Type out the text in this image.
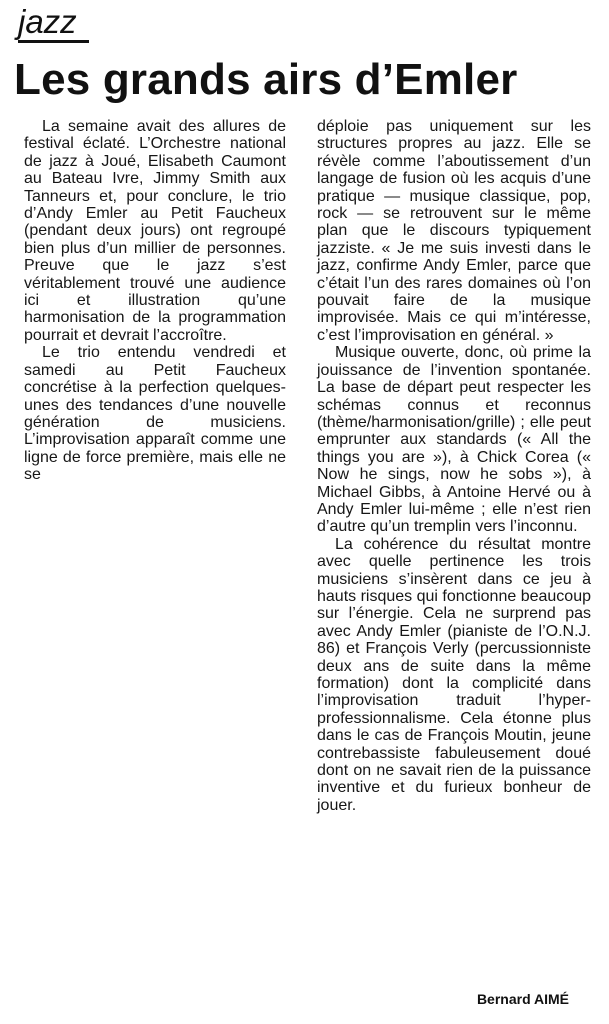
jazz
Les grands airs d’Emler

La semaine avait des allures de festival éclaté. L’Orchestre national de jazz à Joué, Elisabeth Caumont au Bateau Ivre, Jimmy Smith aux Tanneurs et, pour conclure, le trio d’Andy Emler au Petit Faucheux (pendant deux jours) ont regroupé bien plus d’un millier de personnes. Preuve que le jazz s’est véritablement trouvé une audience ici et illustration qu’une harmonisation de la programmation pourrait et devrait l’accroître.

Le trio entendu vendredi et samedi au Petit Faucheux concrétise à la perfection quelques-unes des tendances d’une nouvelle génération de musiciens. L’improvisation apparaît comme une ligne de force première, mais elle ne se

déploie pas uniquement sur les structures propres au jazz. Elle se révèle comme l’aboutissement d’un langage de fusion où les acquis d’une pratique — musique classique, pop, rock — se retrouvent sur le même plan que le discours typiquement jazziste. « Je me suis investi dans le jazz, confirme Andy Emler, parce que c’était l’un des rares domaines où l’on pouvait faire de la musique improvisée. Mais ce qui m’intéresse, c’est l’improvisation en général. »

Musique ouverte, donc, où prime la jouissance de l’invention spontanée. La base de départ peut respecter les schémas connus et reconnus (thème/harmonisation/grille) ; elle peut emprunter aux standards (« All the things you are »), à Chick Corea (« Now he sings, now he sobs »), à Michael Gibbs, à Antoine Hervé ou à Andy Emler lui-même ; elle n’est rien d’autre qu’un tremplin vers l’inconnu.

La cohérence du résultat montre avec quelle pertinence les trois musiciens s’insèrent dans ce jeu à hauts risques qui fonctionne beaucoup sur l’énergie. Cela ne surprend pas avec Andy Emler (pianiste de l’O.N.J. 86) et François Verly (percussionniste deux ans de suite dans la même formation) dont la complicité dans l’improvisation traduit l’hyper-professionnalisme. Cela étonne plus dans le cas de François Moutin, jeune contrebassiste fabuleusement doué dont on ne savait rien de la puissance inventive et du furieux bonheur de jouer.

Bernard AIMÉ
